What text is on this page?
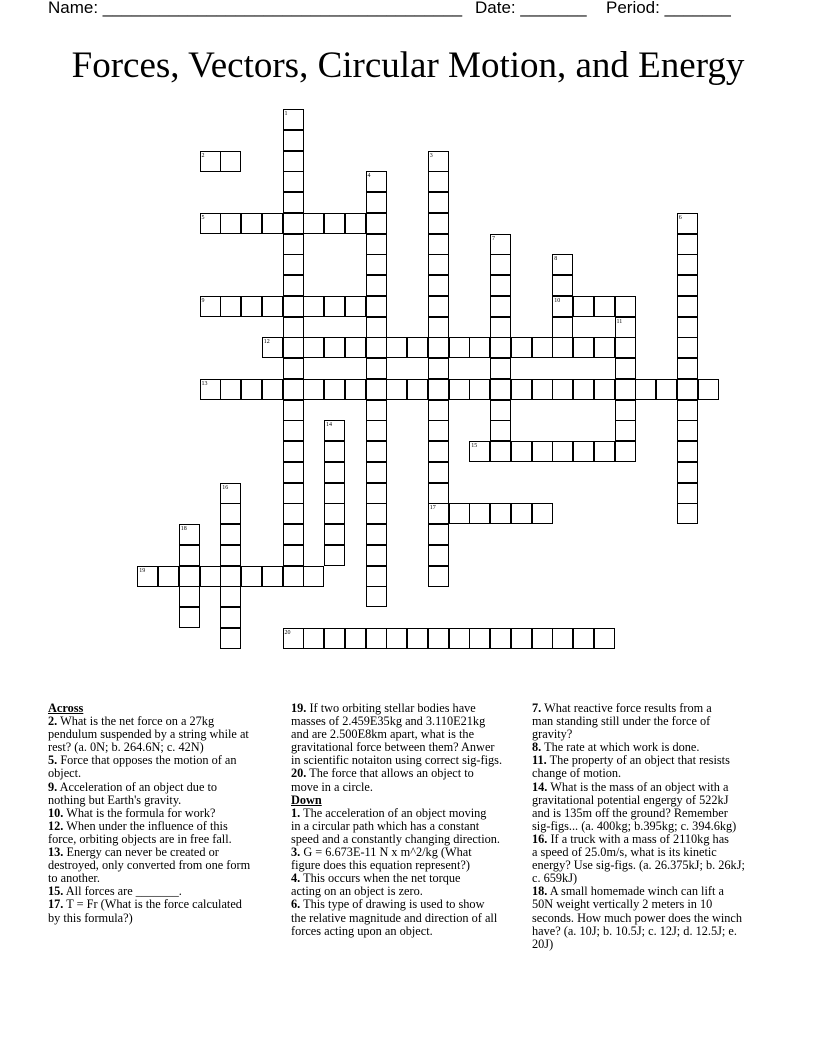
Name: ______________________________________

Date: _______

Period: _______

Forces, Vectors, Circular Motion, and Energy
1
2	3
4
5	6
7
8
9	10
11
12
13
14
15
16
17
18
19
20
Across
2. What is the net force on a 27kg
pendulum suspended by a string while at
rest? (a. 0N; b. 264.6N; c. 42N)
5. Force that opposes the motion of an
object.
9. Acceleration of an object due to
nothing but Earth's gravity.
10. What is the formula for work?
12. When under the influence of this
force, orbiting objects are in free fall.
13. Energy can never be created or
destroyed, only converted from one form
to another.
15. All forces are _______.
17. T = Fr (What is the force calculated
by this formula?)
19. If two orbiting stellar bodies have
masses of 2.459E35kg and 3.110E21kg
and are 2.500E8km apart, what is the
gravitational force between them? Anwer
in scientific notaiton using correct sig-figs.
20. The force that allows an object to
move in a circle.
Down
1. The acceleration of an object moving
in a circular path which has a constant
speed and a constantly changing direction.
3. G = 6.673E-11 N x m^2/kg (What
figure does this equation represent?)
4. This occurs when the net torque
acting on an object is zero.
6. This type of drawing is used to show
the relative magnitude and direction of all
forces acting upon an object.
7. What reactive force results from a
man standing still under the force of
gravity?
8. The rate at which work is done.
11. The property of an object that resists
change of motion.
14. What is the mass of an object with a
gravitational potential engergy of 522kJ
and is 135m off the ground? Remember
sig-figs... (a. 400kg; b.395kg; c. 394.6kg)
16. If a truck with a mass of 2110kg has
a speed of 25.0m/s, what is its kinetic
energy? Use sig-figs. (a. 26.375kJ; b. 26kJ;
c. 659kJ)
18. A small homemade winch can lift a
50N weight vertically 2 meters in 10
seconds. How much power does the winch
have? (a. 10J; b. 10.5J; c. 12J; d. 12.5J; e.
20J)
